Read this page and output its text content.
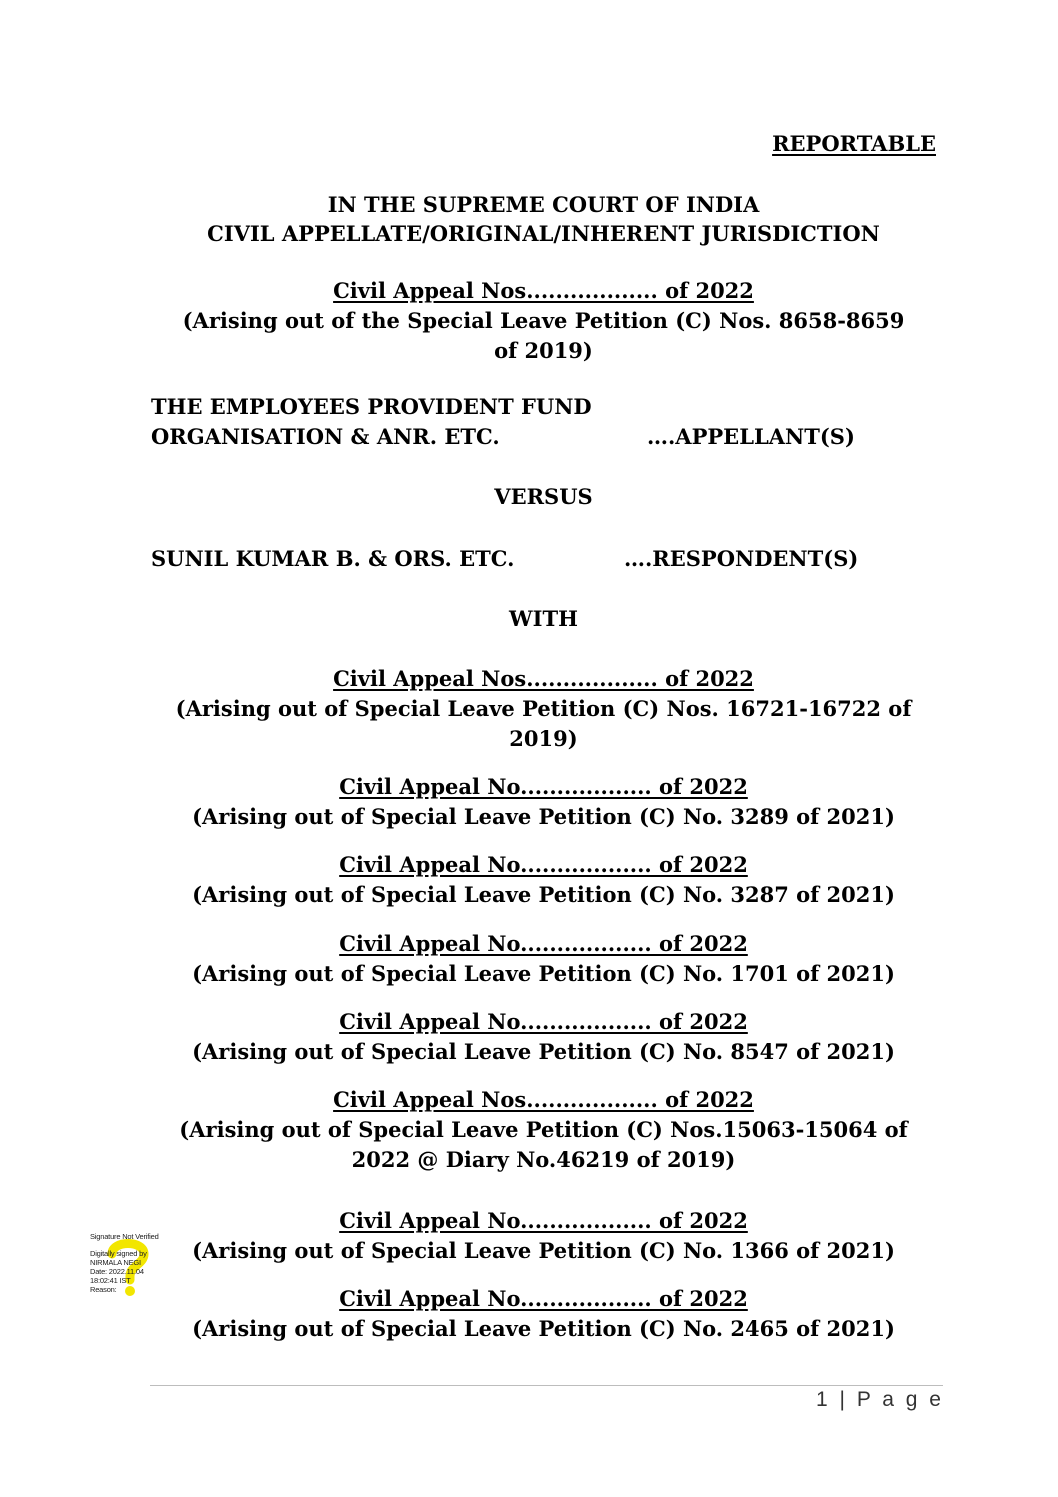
REPORTABLE

IN THE SUPREME COURT OF INDIA

CIVIL APPELLATE/ORIGINAL/INHERENT JURISDICTION

Civil Appeal Nos.................. of 2022

(Arising out of the Special Leave Petition (C) Nos. 8658-8659

of 2019)

THE EMPLOYEES PROVIDENT FUND

ORGANISATION & ANR. ETC.	….APPELLANT(S)

VERSUS

SUNIL KUMAR B. & ORS. ETC.	….RESPONDENT(S)

WITH

Civil Appeal Nos.................. of 2022

(Arising out of Special Leave Petition (C) Nos. 16721-16722 of

2019)

Civil Appeal No.................. of 2022

(Arising out of Special Leave Petition (C) No. 3289 of 2021)

Civil Appeal No.................. of 2022

(Arising out of Special Leave Petition (C) No. 3287 of 2021)

Civil Appeal No.................. of 2022

(Arising out of Special Leave Petition (C) No. 1701 of 2021)

Civil Appeal No.................. of 2022

(Arising out of Special Leave Petition (C) No. 8547 of 2021)

Civil Appeal Nos.................. of 2022

(Arising out of Special Leave Petition (C) Nos.15063-15064 of

2022 @ Diary No.46219 of 2019)

Civil Appeal No.................. of 2022

(Arising out of Special Leave Petition (C) No. 1366 of 2021)

Civil Appeal No.................. of 2022

(Arising out of Special Leave Petition (C) No. 2465 of 2021)

Signature Not Verified
Digitally signed by
NIRMALA NEGI
Date: 2022.11.04
18:02:41 IST
Reason:
1 | P a g e
